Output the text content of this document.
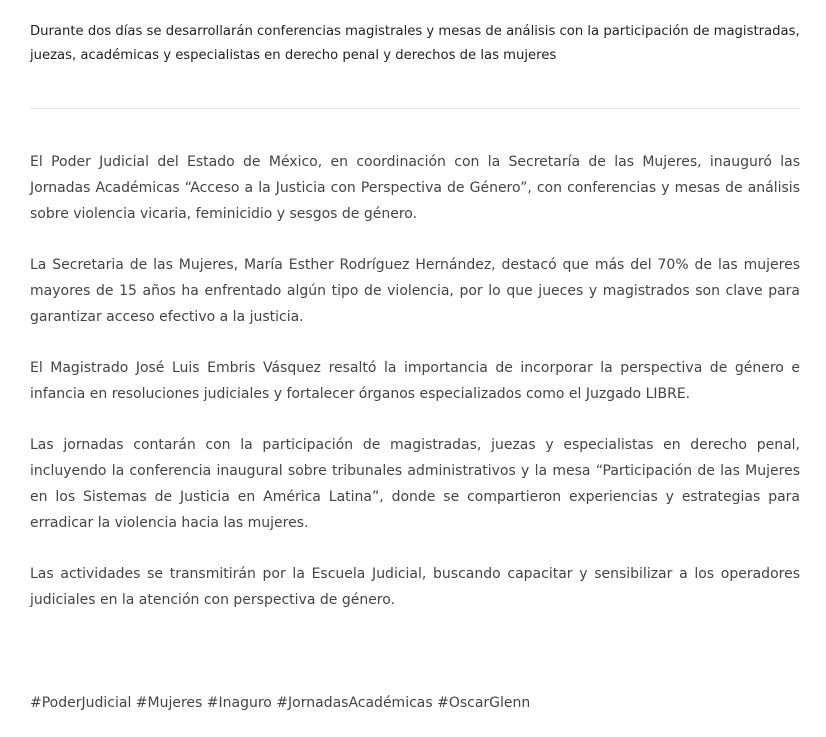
Durante dos días se desarrollarán conferencias magistrales y mesas de análisis con la participación de magistradas, juezas, académicas y especialistas en derecho penal y derechos de las mujeres

El Poder Judicial del Estado de México, en coordinación con la Secretaría de las Mujeres, inauguró las Jornadas Académicas “Acceso a la Justicia con Perspectiva de Género”, con conferencias y mesas de análisis sobre violencia vicaria, feminicidio y sesgos de género.

La Secretaria de las Mujeres, María Esther Rodríguez Hernández, destacó que más del 70% de las mujeres mayores de 15 años ha enfrentado algún tipo de violencia, por lo que jueces y magistrados son clave para garantizar acceso efectivo a la justicia.

El Magistrado José Luis Embris Vásquez resaltó la importancia de incorporar la perspectiva de género e infancia en resoluciones judiciales y fortalecer órganos especializados como el Juzgado LIBRE.

Las jornadas contarán con la participación de magistradas, juezas y especialistas en derecho penal, incluyendo la conferencia inaugural sobre tribunales administrativos y la mesa “Participación de las Mujeres en los Sistemas de Justicia en América Latina”, donde se compartieron experiencias y estrategias para erradicar la violencia hacia las mujeres.

Las actividades se transmitirán por la Escuela Judicial, buscando capacitar y sensibilizar a los operadores judiciales en la atención con perspectiva de género.

#PoderJudicial #Mujeres #Inaguro #JornadasAcadémicas #OscarGlenn
